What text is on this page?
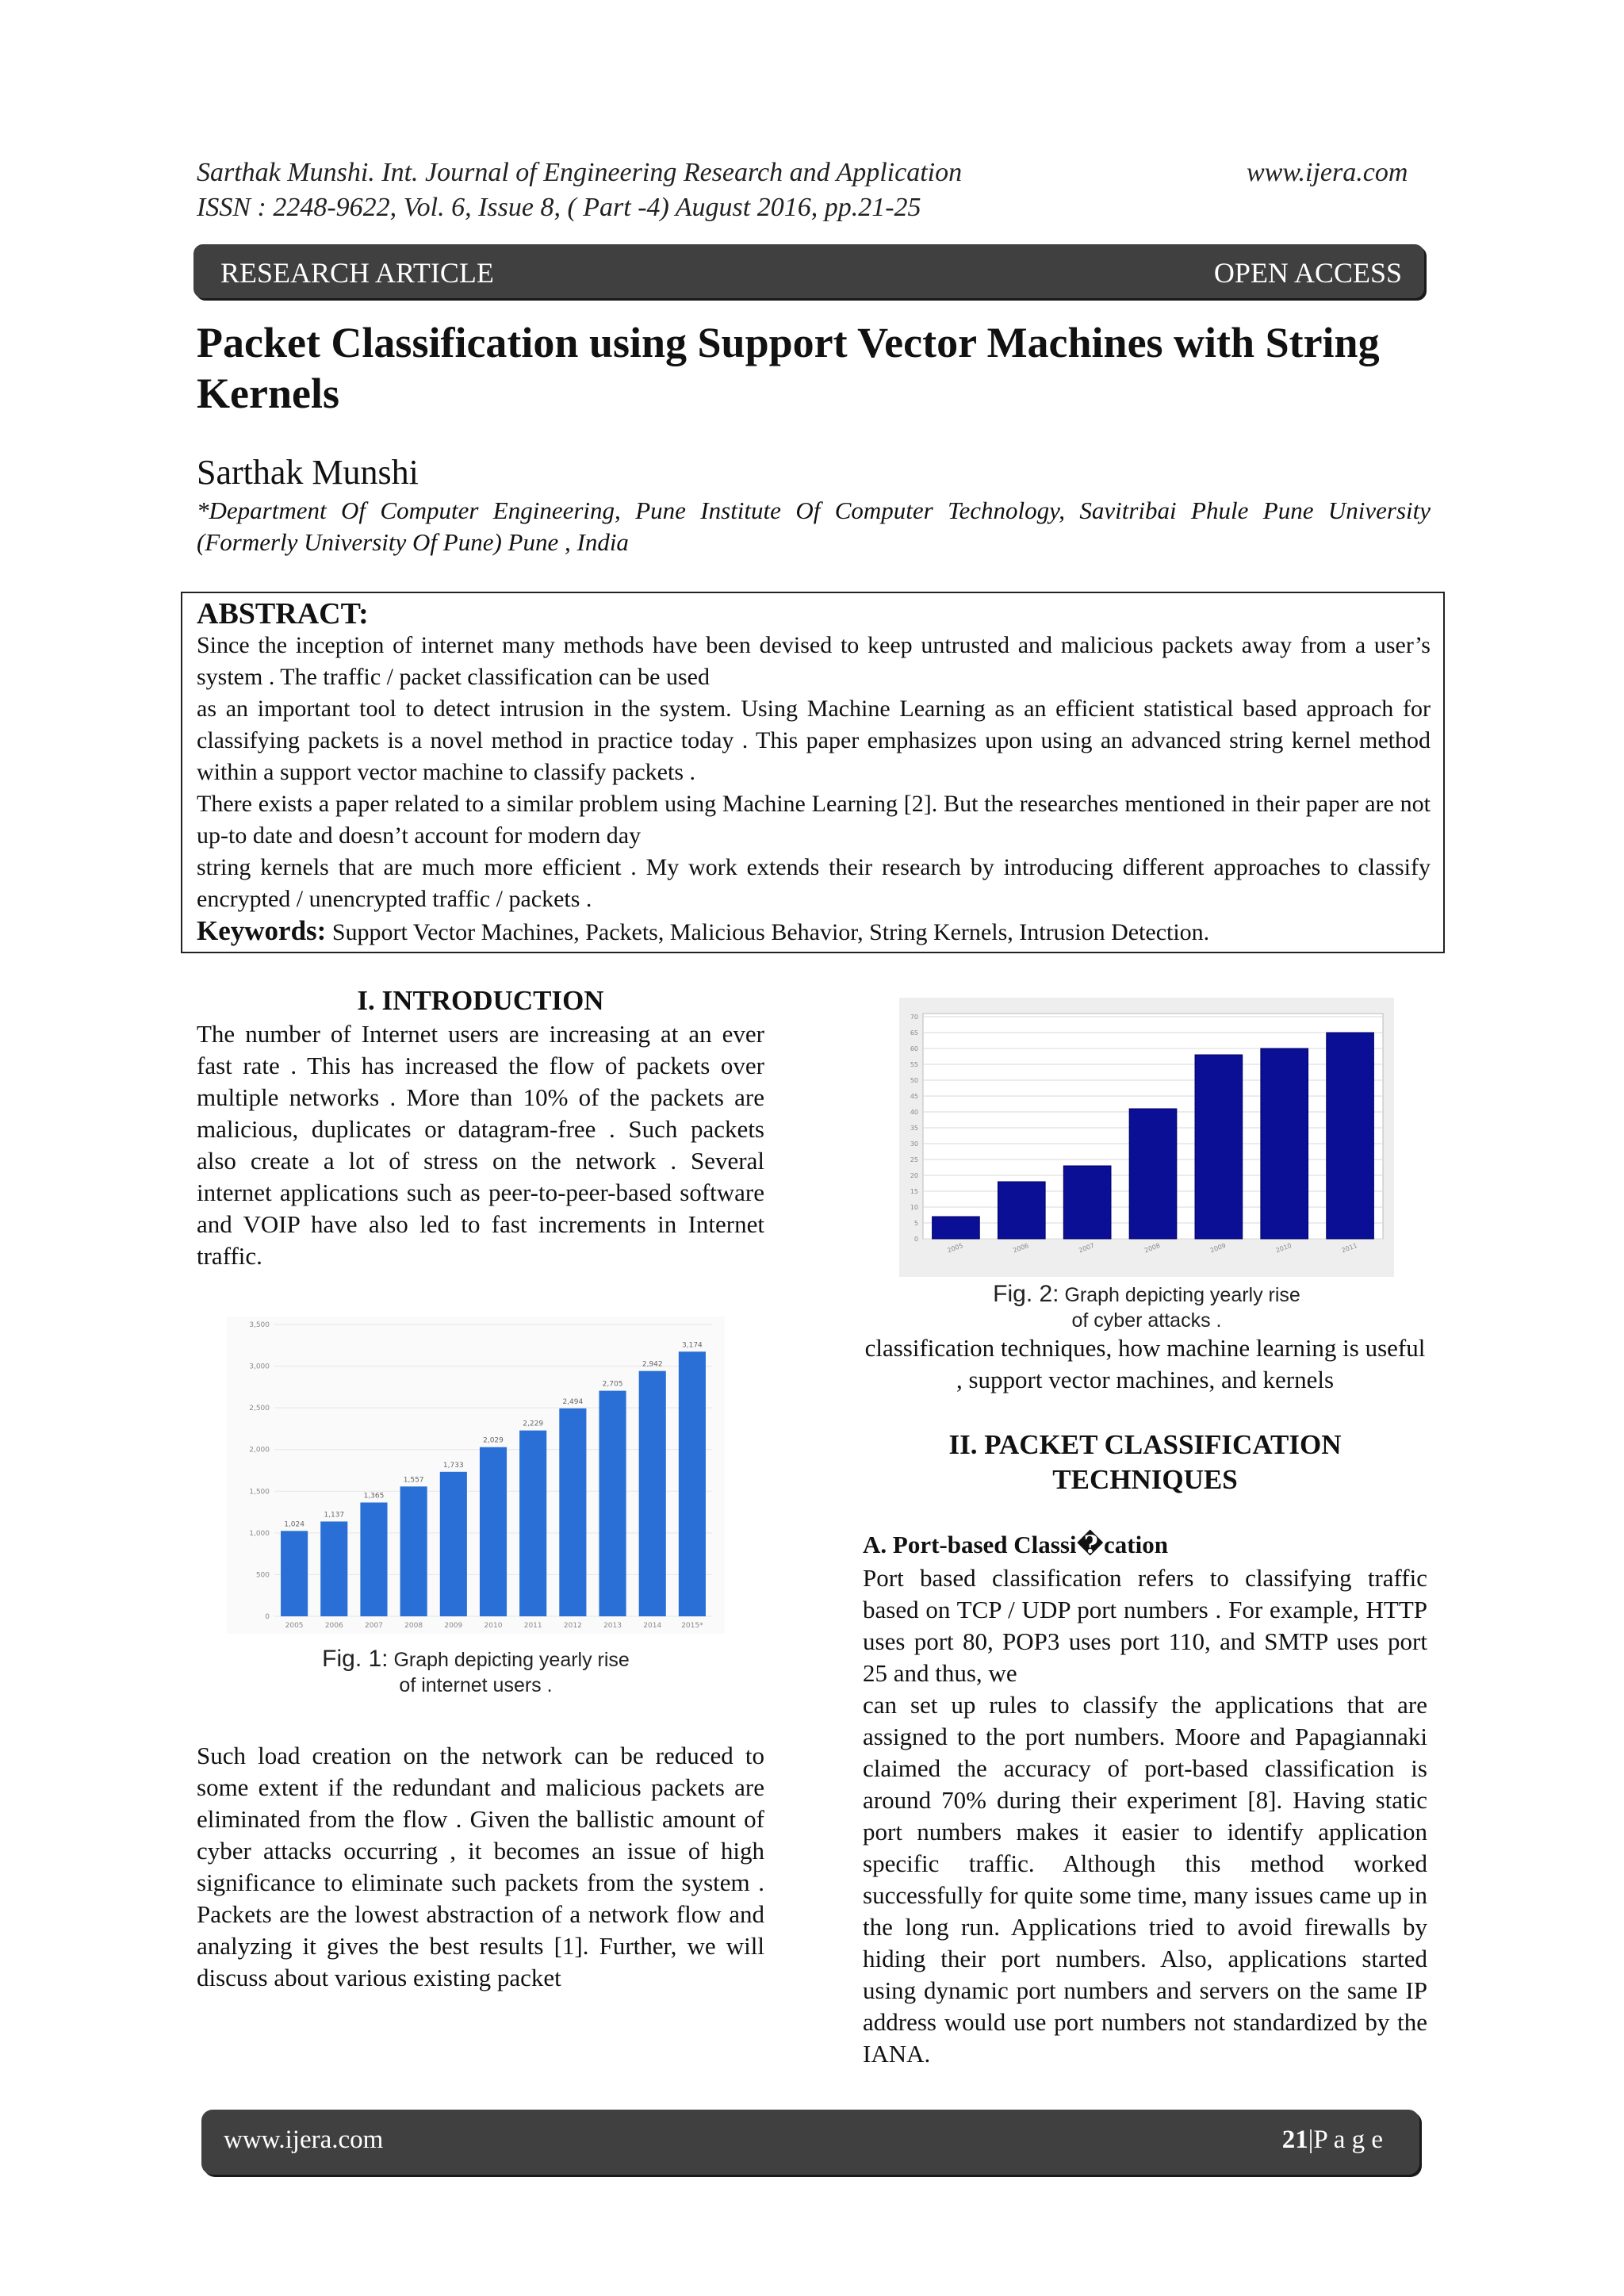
Sarthak Munshi. Int. Journal of Engineering Research and Application	www.ijera.com
ISSN : 2248-9622, Vol. 6, Issue 8, ( Part -4) August 2016, pp.21-25
RESEARCH ARTICLE	OPEN ACCESS
Packet Classification using Support Vector Machines with String Kernels
Sarthak Munshi
*Department Of Computer Engineering, Pune Institute Of Computer Technology, Savitribai Phule Pune University (Formerly University Of Pune) Pune , India
ABSTRACT:
Since the inception of internet many methods have been devised to keep untrusted and malicious packets away from a user’s system . The traffic / packet classification can be used
as an important tool to detect intrusion in the system. Using Machine Learning as an efficient statistical based approach for classifying packets is a novel method in practice today . This paper emphasizes upon using an advanced string kernel method within a support vector machine to classify packets .
There exists a paper related to a similar problem using Machine Learning [2]. But the researches mentioned in their paper are not up-to date and doesn’t account for modern day
string kernels that are much more efficient . My work extends their research by introducing different approaches to classify encrypted / unencrypted traffic / packets .
Keywords: Support Vector Machines, Packets, Malicious Behavior, String Kernels, Intrusion Detection.
I. INTRODUCTION
The number of Internet users are increasing at an ever fast rate . This has increased the flow of packets over multiple networks . More than 10% of the packets are malicious, duplicates or datagram-free . Such packets also create a lot of stress on the network . Several internet applications such as peer-to-peer-based software and VOIP have also led to fast increments in Internet traffic.
2005	2006	2007	2008	2009	2010	2011	2012	2013	2014	2015*
0
500
1,000
1,500
2,000
2,500
3,000
3,500
1,024
1,137
1,365
1,557
1,733
2,029
2,229
2,494
2,705
2,942
3,174
Fig. 1: Graph depicting yearly rise
of internet users .
Such load creation on the network can be reduced to some extent if the redundant and malicious packets are eliminated from the flow . Given the ballistic amount of cyber attacks occurring , it becomes an issue of high significance to eliminate such packets from the system . Packets are the lowest abstraction of a network flow and analyzing it gives the best results [1]. Further, we will discuss about various existing packet
2005	2006	2007	2008	2009	2010	2011
0
5
10
15
20
25
30
35
40
45
50
55
60
65
70
Fig. 2: Graph depicting yearly rise
of cyber attacks .
classification techniques, how machine learning is useful , support vector machines, and kernels
II. PACKET CLASSIFICATION
TECHNIQUES
A. Port-based Classi�cation
Port based classification refers to classifying traffic based on TCP / UDP port numbers . For example, HTTP uses port 80, POP3 uses port 110, and SMTP uses port 25 and thus, we
can set up rules to classify the applications that are assigned to the port numbers. Moore and Papagiannaki claimed the accuracy of port-based classification is around 70% during their experiment [8]. Having static port numbers makes it easier to identify application specific traffic. Although this method worked successfully for quite some time, many issues came up in the long run. Applications tried to avoid firewalls by hiding their port numbers. Also, applications started using dynamic port numbers and servers on the same IP address would use port numbers not standardized by the IANA.
www.ijera.com	21|P a g e
